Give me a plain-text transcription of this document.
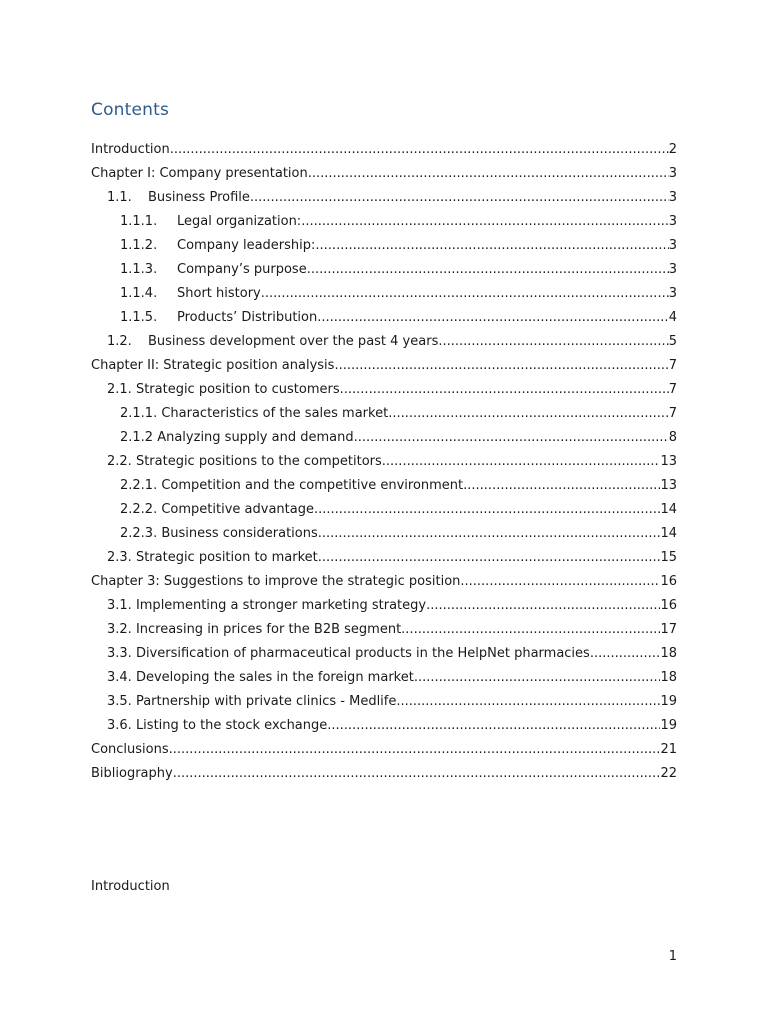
Contents
Introduction .....	2
Chapter I: Company presentation .....	3
1.1.	Business Profile .....	3
1.1.1.	Legal organization: .....	3
1.1.2.	Company leadership: .....	3
1.1.3.	Company’s purpose .....	3
1.1.4.	Short history .....	3
1.1.5.	Products’ Distribution .....	4
1.2.	Business development over the past 4 years .....	5
Chapter II: Strategic position analysis .....	7
2.1. Strategic position to customers .....	7
2.1.1. Characteristics of the sales market .....	7
2.1.2 Analyzing supply and demand .....	8
2.2. Strategic positions to the competitors .....	13
2.2.1. Competition and the competitive environment .....	13
2.2.2. Competitive advantage .....	14
2.2.3. Business considerations .....	14
2.3. Strategic position to market .....	15
Chapter 3: Suggestions to improve the strategic position .....	16
3.1. Implementing a stronger marketing strategy .....	16
3.2. Increasing in prices for the B2B segment .....	17
3.3. Diversification of pharmaceutical products in the HelpNet pharmacies .....	18
3.4. Developing the sales in the foreign market .....	18
3.5. Partnership with private clinics - Medlife .....	19
3.6. Listing to the stock exchange .....	19
Conclusions .....	21
Bibliography .....	22
Introduction
1
